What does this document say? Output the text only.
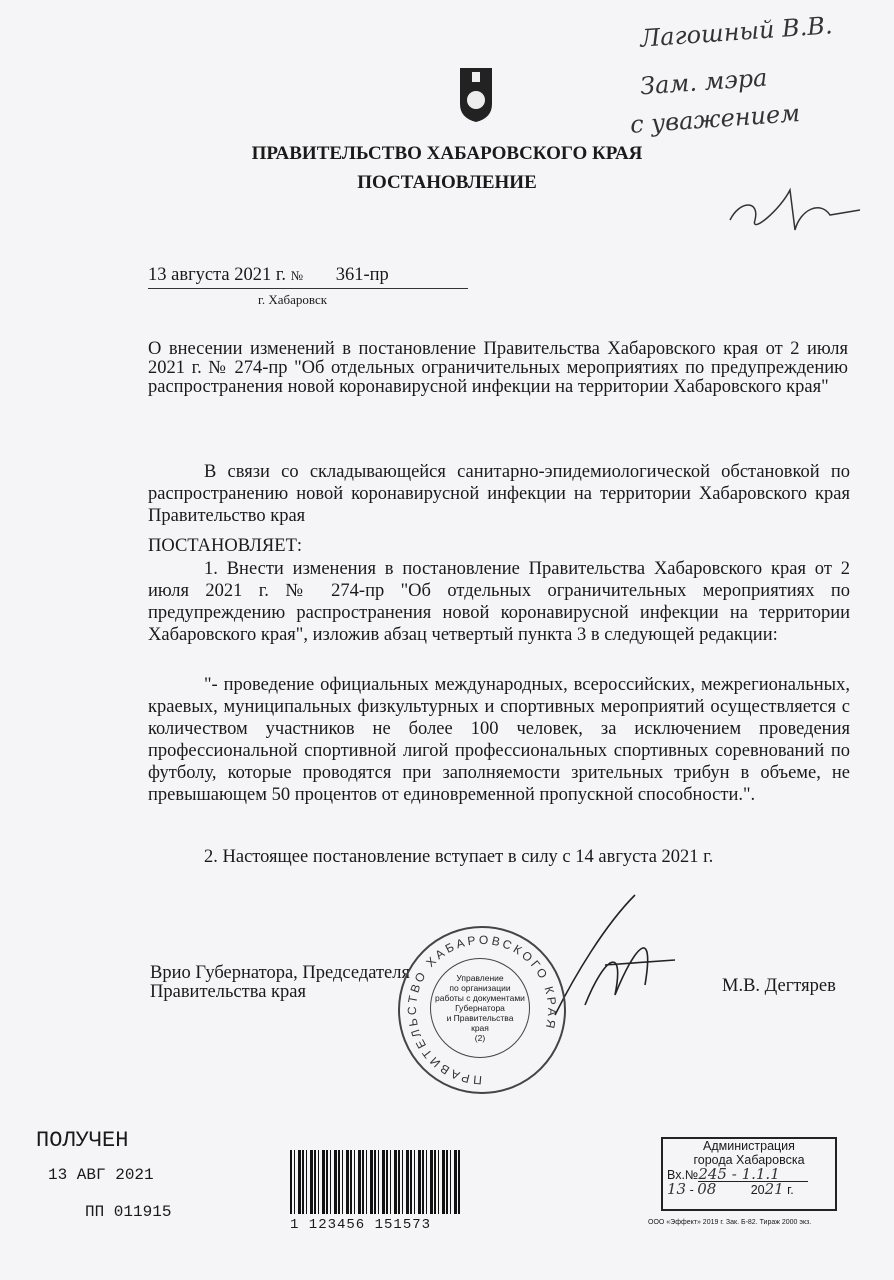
Лагошный В.В.
Зам. мэра
с уважением
ПРАВИТЕЛЬСТВО ХАБАРОВСКОГО КРАЯ
ПОСТАНОВЛЕНИЕ
13 августа 2021 г. № 361-пр
г. Хабаровск
О внесении изменений в постановление Правительства Хабаровского края от 2 июля 2021 г. № 274-пр "Об отдельных ограничительных мероприятиях по предупреждению распространения новой коронавирусной инфекции на территории Хабаровского края"
В связи со складывающейся санитарно-эпидемиологической обстановкой по распространению новой коронавирусной инфекции на территории Хабаровского края Правительство края
ПОСТАНОВЛЯЕТ:
1. Внести изменения в постановление Правительства Хабаровского края от 2 июля 2021 г. № 274-пр "Об отдельных ограничительных мероприятиях по предупреждению распространения новой коронавирусной инфекции на территории Хабаровского края", изложив абзац четвертый пункта 3 в следующей редакции:
"- проведение официальных международных, всероссийских, межрегиональных, краевых, муниципальных физкультурных и спортивных мероприятий осуществляется с количеством участников не более 100 человек, за исключением проведения профессиональной спортивной лигой профессиональных спортивных соревнований по футболу, которые проводятся при заполняемости зрительных трибун в объеме, не превышающем 50 процентов от единовременной пропускной способности.".
2. Настоящее постановление вступает в силу с 14 августа 2021 г.
Врио Губернатора, Председателя
Правительства края	М.В. Дегтярев
Управление
по организации
работы с документами
Губернатора
и Правительства
края
(2)
ПРАВИТЕЛЬСТВО ХАБАРОВСКОГО КРАЯ
ПОЛУЧЕН
13 АВГ 2021
ПП 011915
1 123456 151573
Администрация
города Хабаровска
Вх.№245 - 1.1.1
13 - 08	2021 г.
ООО «Эффект» 2019 г. Зак. Б-82. Тираж 2000 экз.
